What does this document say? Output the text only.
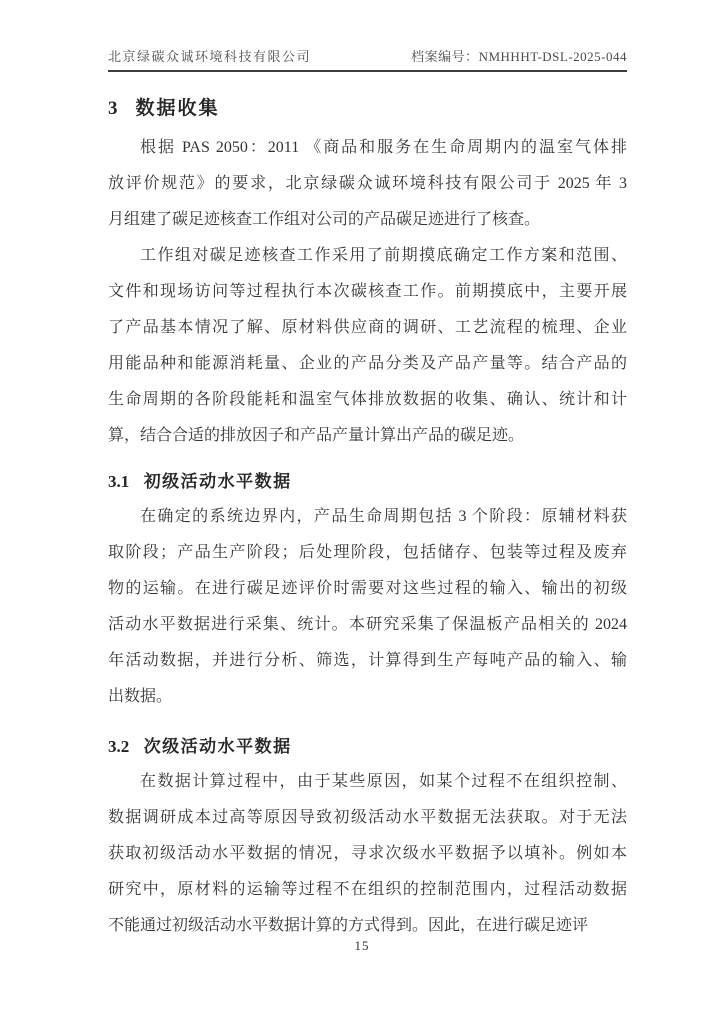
北京绿碳众诚环境科技有限公司	档案编号：NMHHHT-DSL-2025-044
3 数据收集
根据 PAS 2050：2011 《商品和服务在生命周期内的温室气体排
放评价规范》的要求，北京绿碳众诚环境科技有限公司于 2025 年 3
月组建了碳足迹核查工作组对公司的产品碳足迹进行了核查。
工作组对碳足迹核查工作采用了前期摸底确定工作方案和范围、
文件和现场访问等过程执行本次碳核查工作。前期摸底中，主要开展
了产品基本情况了解、原材料供应商的调研、工艺流程的梳理、企业
用能品种和能源消耗量、企业的产品分类及产品产量等。结合产品的
生命周期的各阶段能耗和温室气体排放数据的收集、确认、统计和计
算，结合合适的排放因子和产品产量计算出产品的碳足迹。
3.1 初级活动水平数据
在确定的系统边界内，产品生命周期包括 3 个阶段：原辅材料获
取阶段；产品生产阶段；后处理阶段，包括储存、包装等过程及废弃
物的运输。在进行碳足迹评价时需要对这些过程的输入、输出的初级
活动水平数据进行采集、统计。本研究采集了保温板产品相关的 2024
年活动数据，并进行分析、筛选，计算得到生产每吨产品的输入、输
出数据。
3.2 次级活动水平数据
在数据计算过程中，由于某些原因，如某个过程不在组织控制、
数据调研成本过高等原因导致初级活动水平数据无法获取。对于无法
获取初级活动水平数据的情况，寻求次级水平数据予以填补。例如本
研究中，原材料的运输等过程不在组织的控制范围内，过程活动数据
不能通过初级活动水平数据计算的方式得到。因此，在进行碳足迹评
15
